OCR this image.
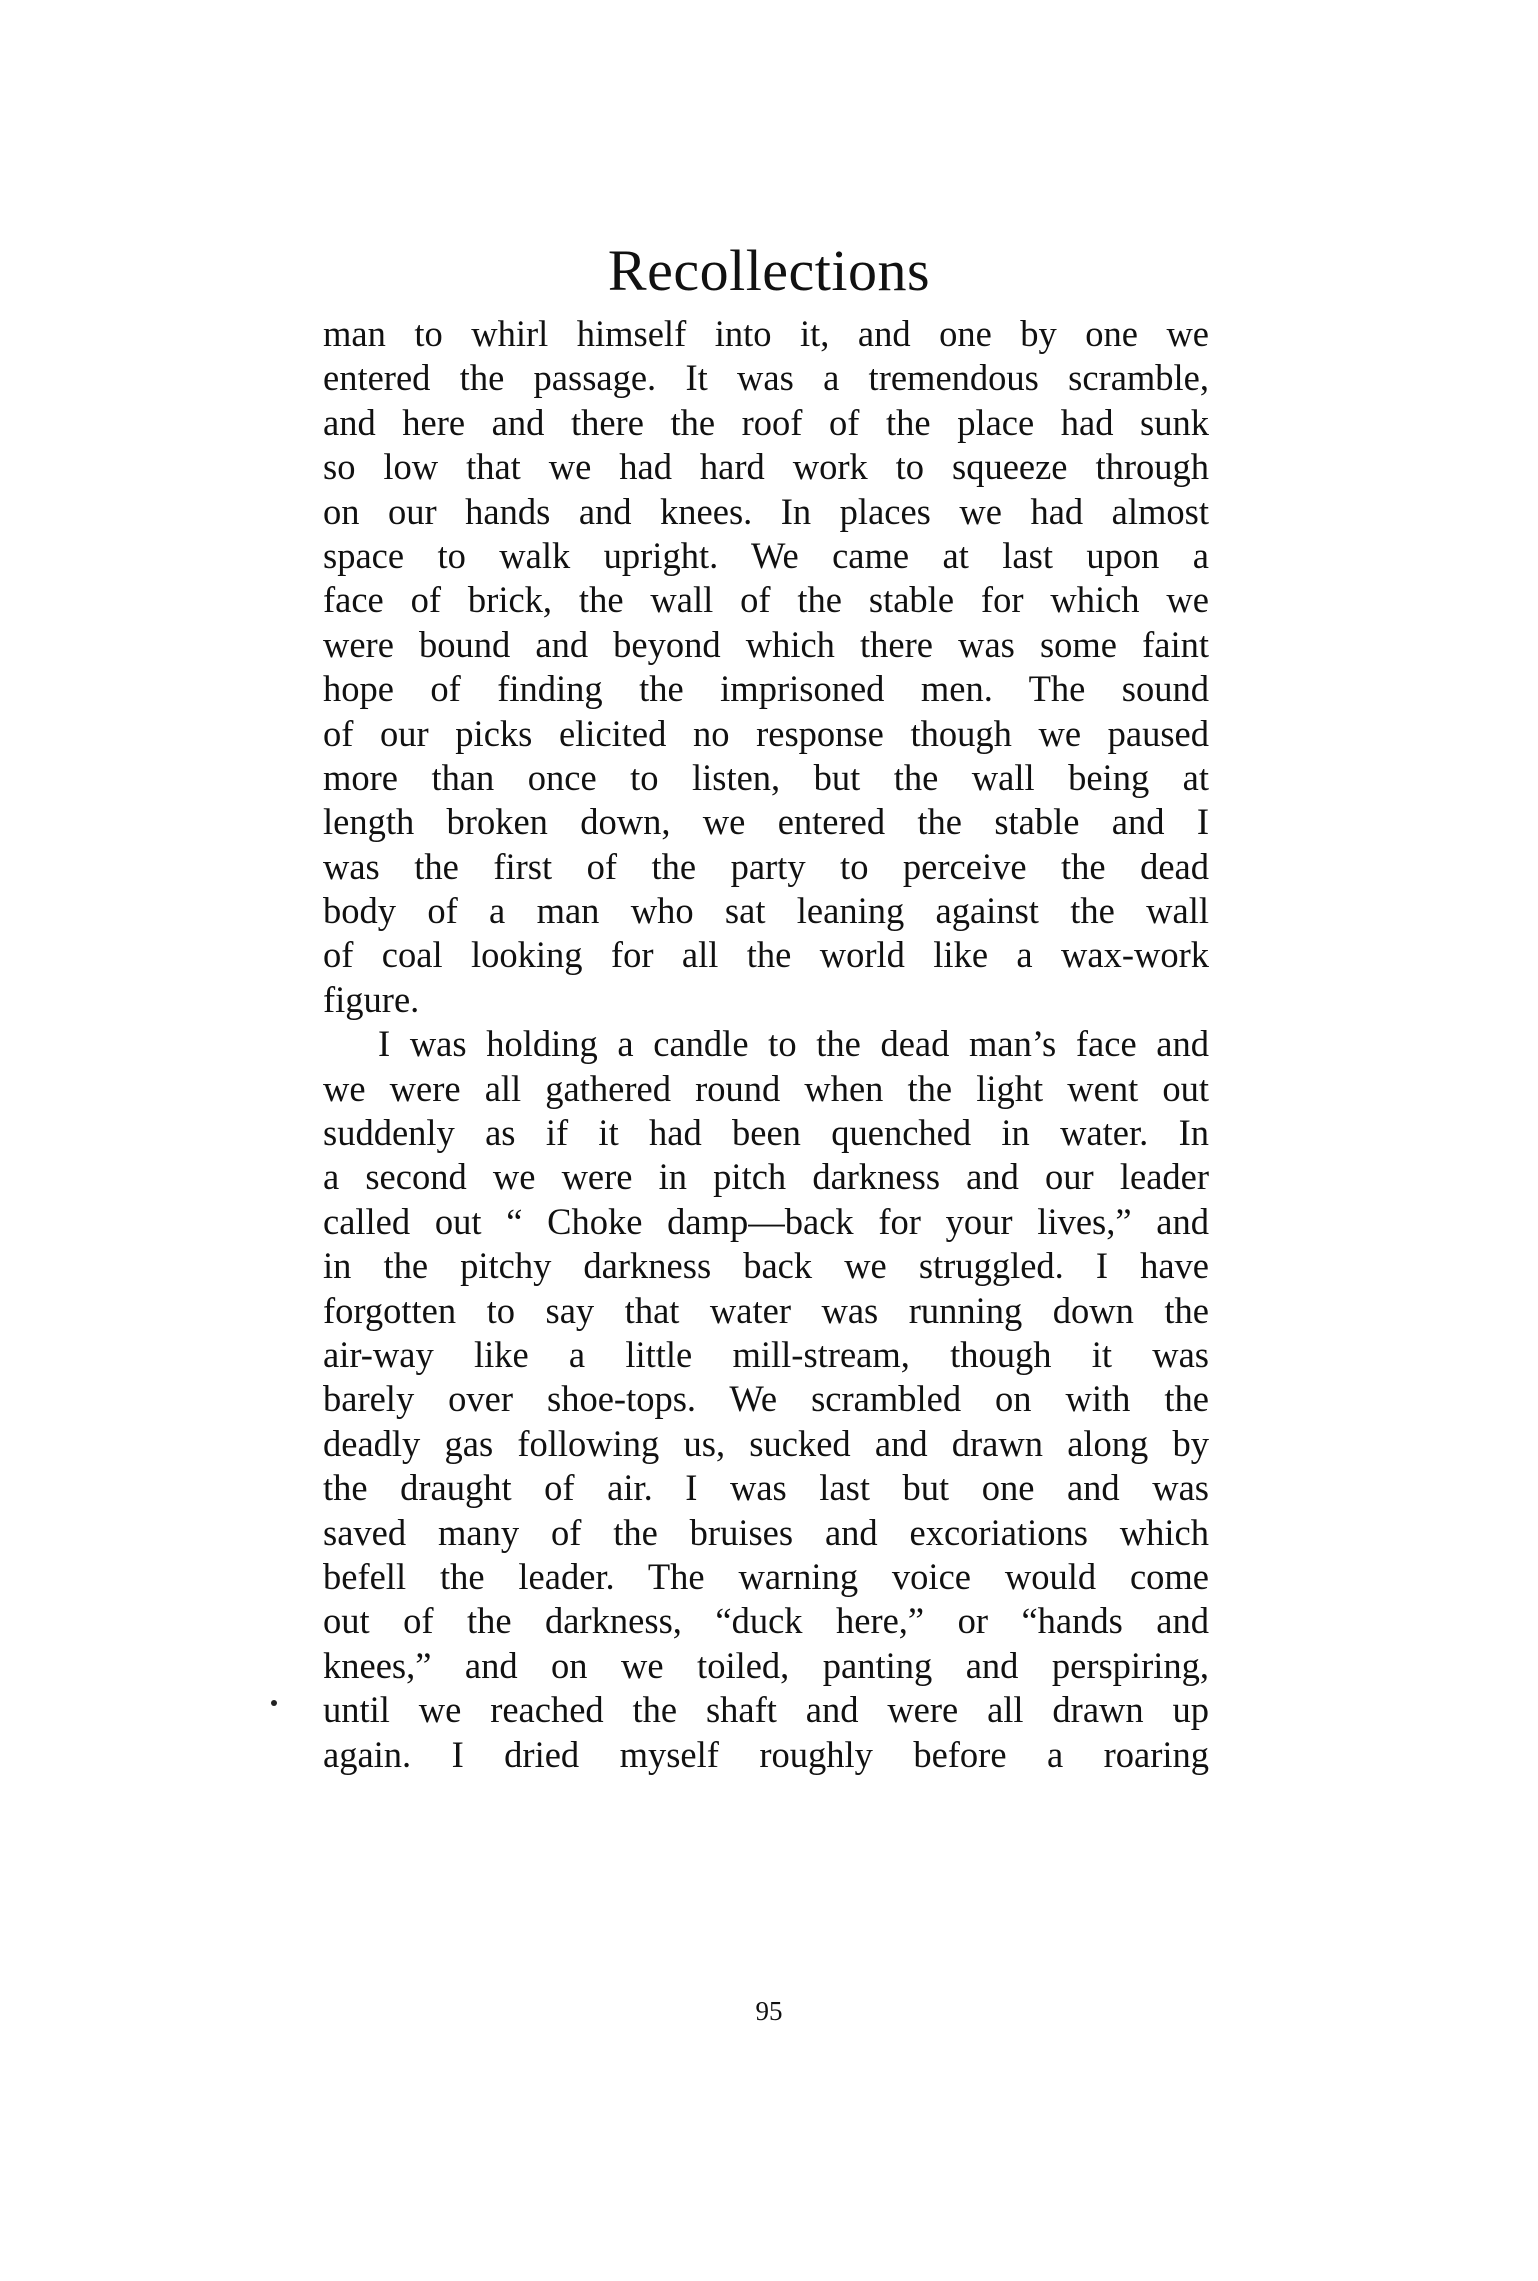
Recollections
man to whirl himself into it, and one by one we
entered the passage. It was a tremendous scramble,
and here and there the roof of the place had sunk
so low that we had hard work to squeeze through
on our hands and knees. In places we had almost
space to walk upright. We came at last upon a
face of brick, the wall of the stable for which we
were bound and beyond which there was some faint
hope of finding the imprisoned men. The sound
of our picks elicited no response though we paused
more than once to listen, but the wall being at
length broken down, we entered the stable and I
was the first of the party to perceive the dead
body of a man who sat leaning against the wall
of coal looking for all the world like a wax-work
figure.
I was holding a candle to the dead man’s face and
we were all gathered round when the light went out
suddenly as if it had been quenched in water. In
a second we were in pitch darkness and our leader
called out “ Choke damp—back for your lives,” and
in the pitchy darkness back we struggled. I have
forgotten to say that water was running down the
air-way like a little mill-stream, though it was
barely over shoe-tops. We scrambled on with the
deadly gas following us, sucked and drawn along by
the draught of air. I was last but one and was
saved many of the bruises and excoriations which
befell the leader. The warning voice would come
out of the darkness, “duck here,” or “hands and
knees,” and on we toiled, panting and perspiring,
until we reached the shaft and were all drawn up
again. I dried myself roughly before a roaring
95
